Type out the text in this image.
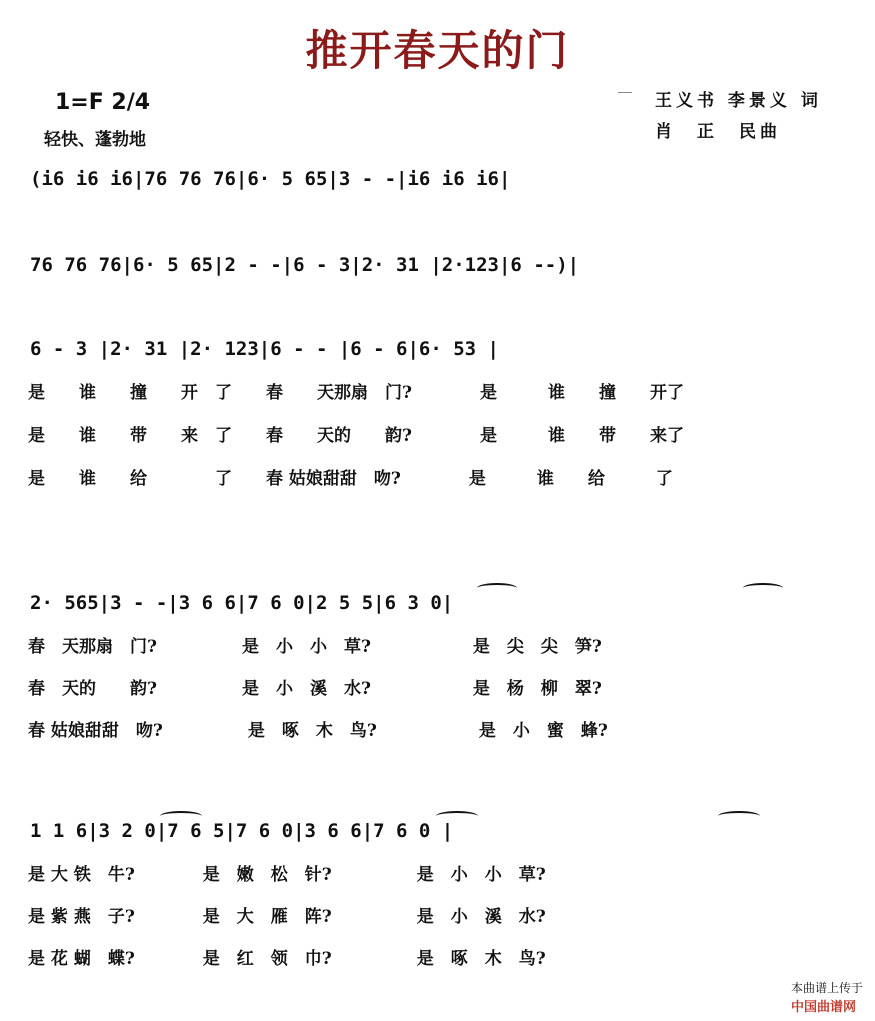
推开春天的门
1=F 2/4
轻快、蓬勃地
王义书 李景义 词
肖　正　民曲
(i6 i6 i6|76 76 76|6· 5 65|3 - -|i6 i6 i6|
76 76 76|6· 5 65|2 - -|6 - 3|2· 31 |2·123|6 --)|
6 - 3 |2· 31 |2· 123|6 - - |6 - 6|6· 53 |
是　　谁　　撞　　开　了　　春　　天那扇　门?　　　　是　　　谁　　撞　　开了
是　　谁　　带　　来　了　　春　　天的　　韵?　　　　是　　　谁　　带　　来了
是　　谁　　给　　　　了　　春 姑娘甜甜　吻?　　　　是　　　谁　　给　　　了
2· 565|3 - -|3 6 6|7 6 0|2 5 5|6 3 0|
春　天那扇　门?　　　　　是　小　小　草?　　　　　　是　尖　尖　笋?
春　天的　　韵?　　　　　是　小　溪　水?　　　　　　是　杨　柳　翠?
春 姑娘甜甜　吻?　　　　　是　啄　木　鸟?　　　　　　是　小　蜜　蜂?
1 1 6|3 2 0|7 6 5|7 6 0|3 6 6|7 6 0 |
是 大 铁　牛?　　　　是　嫩　松　针?　　　　　是　小　小　草?
是 紫 燕　子?　　　　是　大　雁　阵?　　　　　是　小　溪　水?
是 花 蝴　蝶?　　　　是　红　领　巾?　　　　　是　啄　木　鸟?

本曲谱上传于
中国曲谱网
